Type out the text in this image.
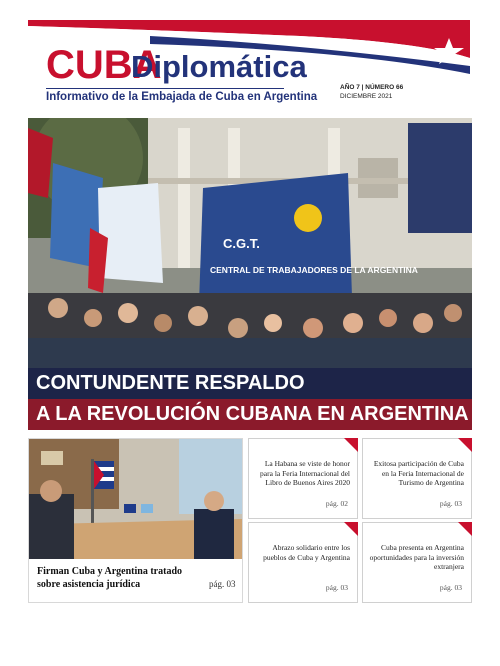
CUBA
Diplomática
Informativo de la Embajada de Cuba en Argentina
AÑO 7 | NÚMERO 66
DICIEMBRE 2021
C.G.T.
CENTRAL DE TRABAJADORES DE LA ARGENTINA
CONTUNDENTE RESPALDO
A LA REVOLUCIÓN CUBANA EN ARGENTINA
Firman Cuba y Argentina tratado sobre asistencia jurídica	pág. 03
La Habana se viste de honor para la Feria Internacional del Libro de Buenos Aires 2020
pág. 02
Exitosa participación de Cuba en la Feria Internacional de Turismo de Argentina
pág. 03
Abrazo solidario entre los pueblos de Cuba y Argentina
pág. 03
Cuba presenta en Argentina oportunidades para la inversión extranjera
pág. 03
